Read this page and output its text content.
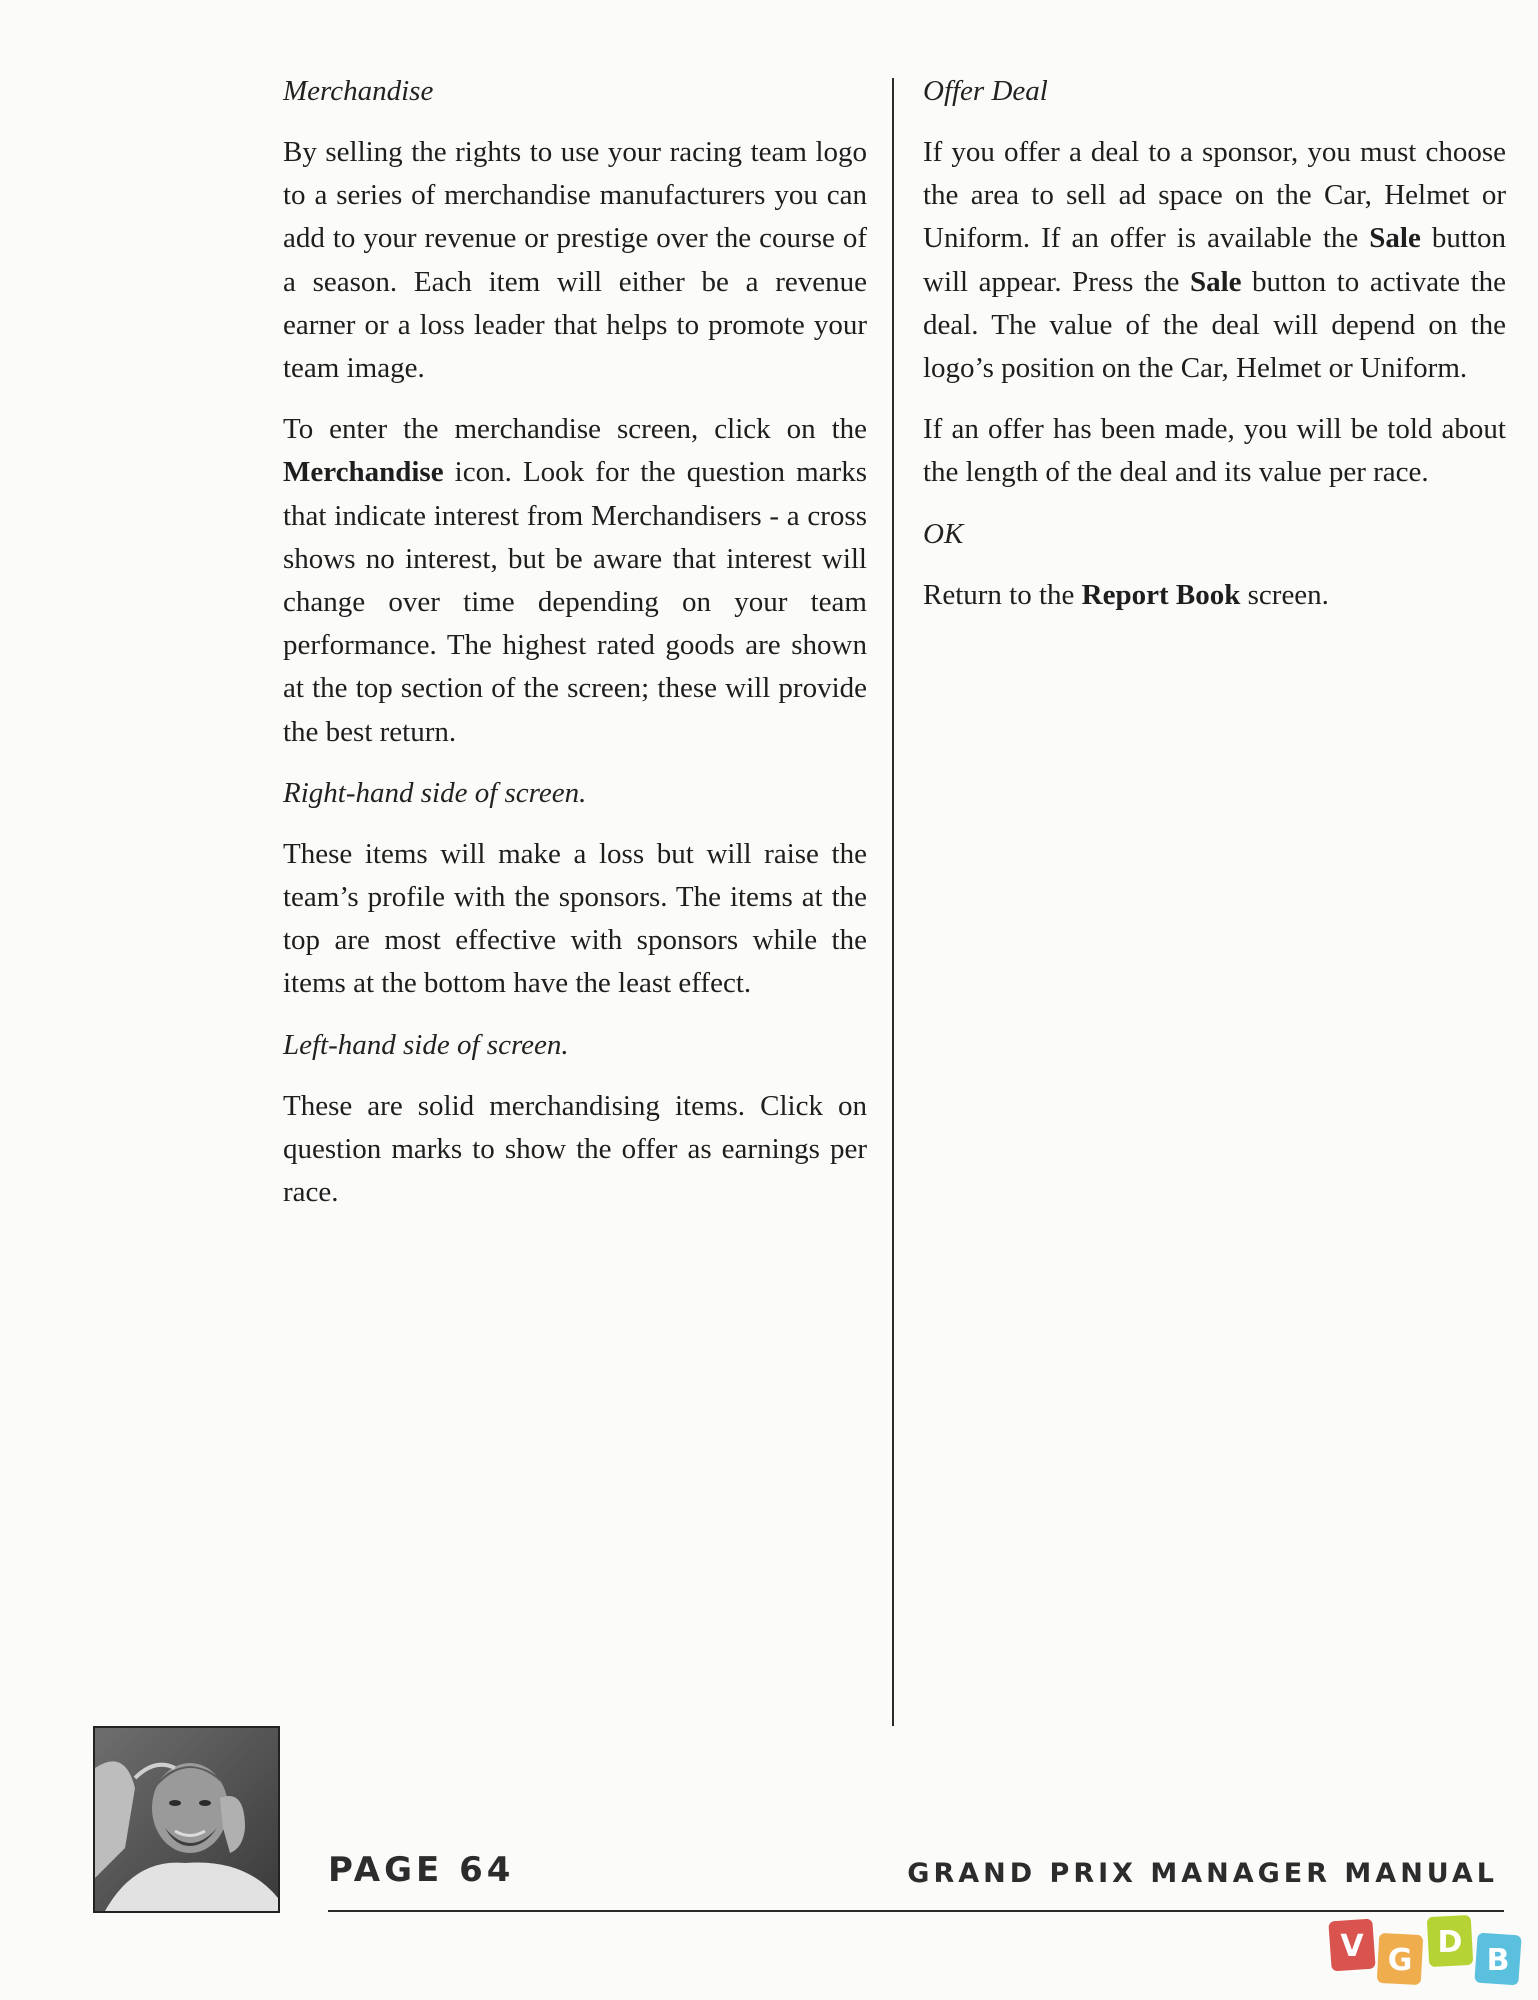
Merchandise

By selling the rights to use your racing team logo to a series of merchandise manufacturers you can add to your revenue or prestige over the course of a season. Each item will either be a revenue earner or a loss leader that helps to promote your team image.

To enter the merchandise screen, click on the Merchandise icon. Look for the question marks that indicate interest from Merchandisers - a cross shows no interest, but be aware that interest will change over time depending on your team performance. The highest rated goods are shown at the top section of the screen; these will provide the best return.

Right-hand side of screen.

These items will make a loss but will raise the team’s profile with the sponsors. The items at the top are most effective with sponsors while the items at the bottom have the least effect.

Left-hand side of screen.

These are solid merchandising items. Click on question marks to show the offer as earnings per race.

Offer Deal

If you offer a deal to a sponsor, you must choose the area to sell ad space on the Car, Helmet or Uniform. If an offer is available the Sale button will appear. Press the Sale button to activate the deal. The value of the deal will depend on the logo’s position on the Car, Helmet or Uniform.

If an offer has been made, you will be told about the length of the deal and its value per race.

OK

Return to the Report Book screen.

PAGE 64	GRAND PRIX MANAGER MANUAL
V G
D
B
